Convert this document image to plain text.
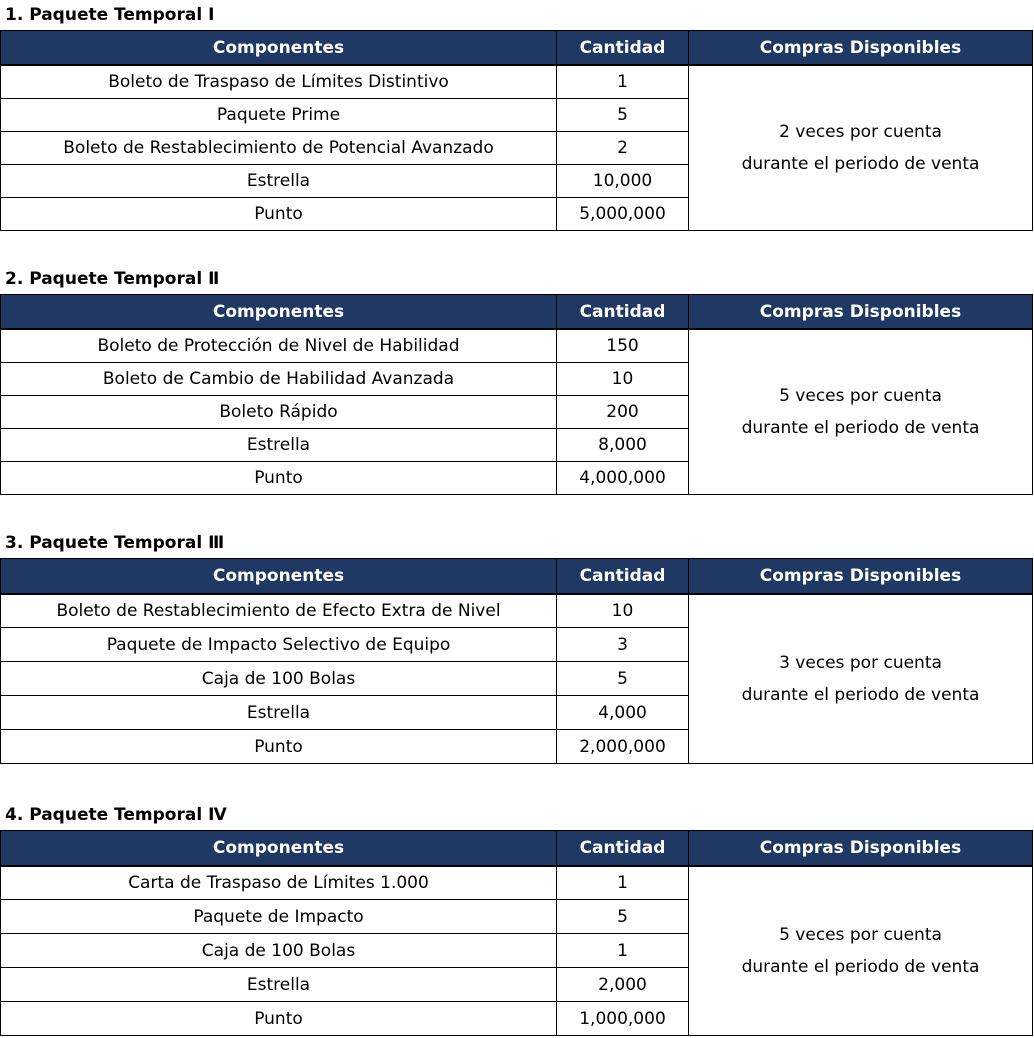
1. Paquete Temporal Ⅰ
Componentes	Cantidad	Compras Disponibles
Boleto de Traspaso de Límites Distintivo	1	2 veces por cuenta
durante el periodo de venta

Paquete Prime	5	
Boleto de Restablecimiento de Potencial Avanzado	2	
Estrella	10,000	
Punto	5,000,000	
2. Paquete Temporal Ⅱ
Componentes	Cantidad	Compras Disponibles
Boleto de Protección de Nivel de Habilidad	150	5 veces por cuenta
durante el periodo de venta

Boleto de Cambio de Habilidad Avanzada	10	
Boleto Rápido	200	
Estrella	8,000	
Punto	4,000,000	
3. Paquete Temporal Ⅲ
Componentes	Cantidad	Compras Disponibles
Boleto de Restablecimiento de Efecto Extra de Nivel	10	3 veces por cuenta
durante el periodo de venta

Paquete de Impacto Selectivo de Equipo	3	
Caja de 100 Bolas	5	
Estrella	4,000	
Punto	2,000,000	
4. Paquete Temporal Ⅳ
Componentes	Cantidad	Compras Disponibles
Carta de Traspaso de Límites 1.000	1	5 veces por cuenta
durante el periodo de venta

Paquete de Impacto	5	
Caja de 100 Bolas	1	
Estrella	2,000	
Punto	1,000,000	
